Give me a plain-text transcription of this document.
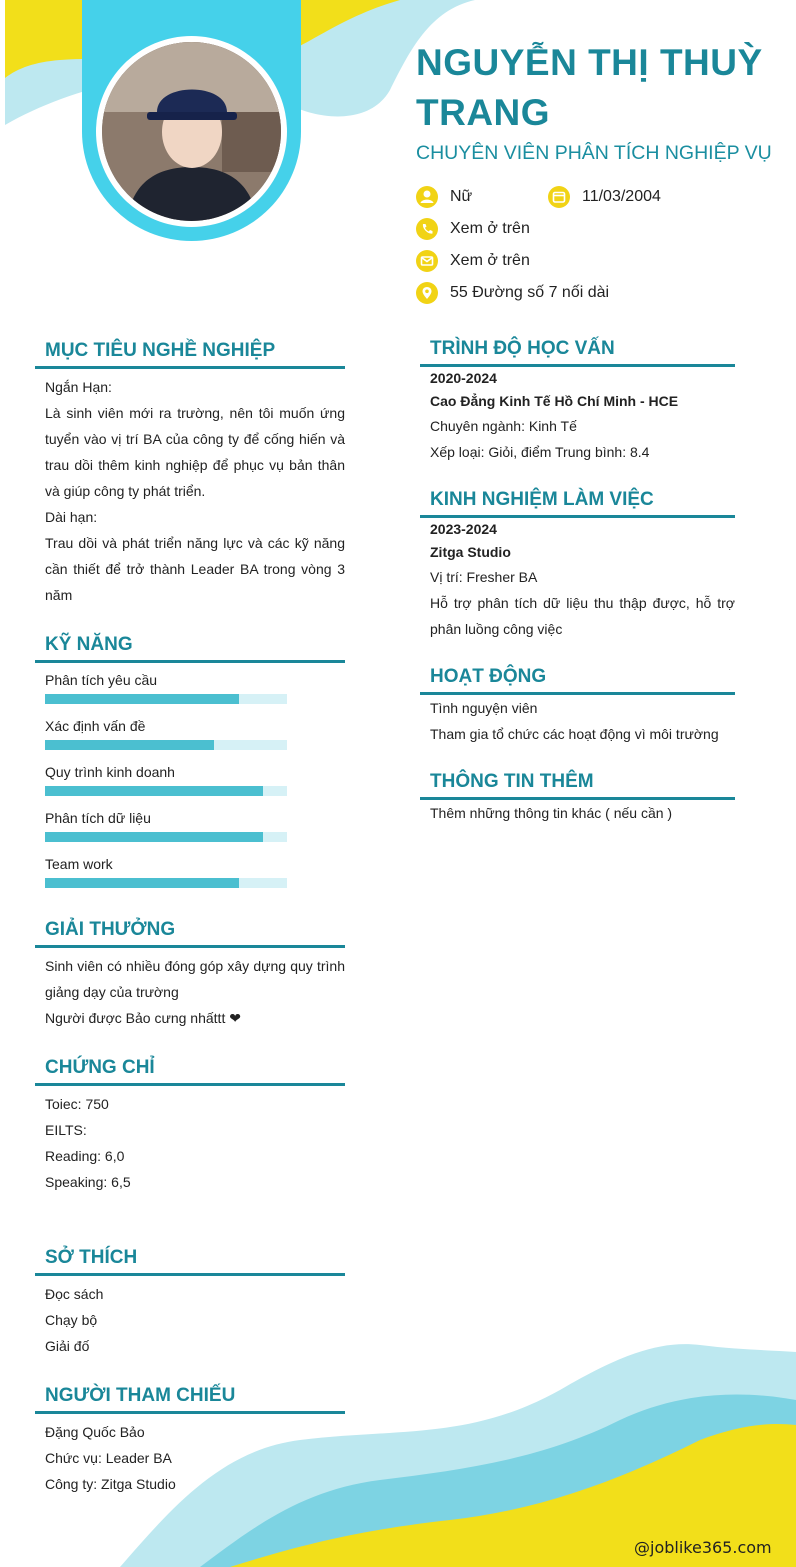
NGUYỄN THỊ THUỲ TRANG
CHUYÊN VIÊN PHÂN TÍCH NGHIỆP VỤ
Nữ	11/03/2004
Xem ở trên
Xem ở trên
55 Đường số 7 nối dài
MỤC TIÊU NGHỀ NGHIỆP
Ngắn Hạn:
Là sinh viên mới ra trường, nên tôi muốn ứng tuyển vào vị trí BA của công ty để cống hiến và trau dồi thêm kinh nghiệp để phục vụ bản thân và giúp công ty phát triển.
Dài hạn:
Trau dồi và phát triển năng lực và các kỹ năng cần thiết để trở thành Leader BA trong vòng 3 năm
KỸ NĂNG
Phân tích yêu cầu
Xác định vấn đề
Quy trình kinh doanh
Phân tích dữ liệu
Team work
GIẢI THƯỞNG
Sinh viên có nhiều đóng góp xây dựng quy trình giảng dạy của trường
Người được Bảo cưng nhấttt ❤
CHỨNG CHỈ
Toiec: 750
EILTS:
Reading: 6,0
Speaking: 6,5
SỞ THÍCH
Đọc sách
Chạy bộ
Giải đố
NGƯỜI THAM CHIẾU
Đặng Quốc Bảo
Chức vụ: Leader BA
Công ty: Zitga Studio
TRÌNH ĐỘ HỌC VẤN
2020-2024
Cao Đẳng Kinh Tế Hồ Chí Minh - HCE
Chuyên ngành: Kinh Tế
Xếp loại: Giỏi, điểm Trung bình: 8.4
KINH NGHIỆM LÀM VIỆC
2023-2024
Zitga Studio
Vị trí: Fresher BA
Hỗ trợ phân tích dữ liệu thu thập được, hỗ trợ phân luồng công việc
HOẠT ĐỘNG
Tình nguyện viên
Tham gia tổ chức các hoạt động vì môi trường
THÔNG TIN THÊM
Thêm những thông tin khác ( nếu cần )
@joblike365.com
